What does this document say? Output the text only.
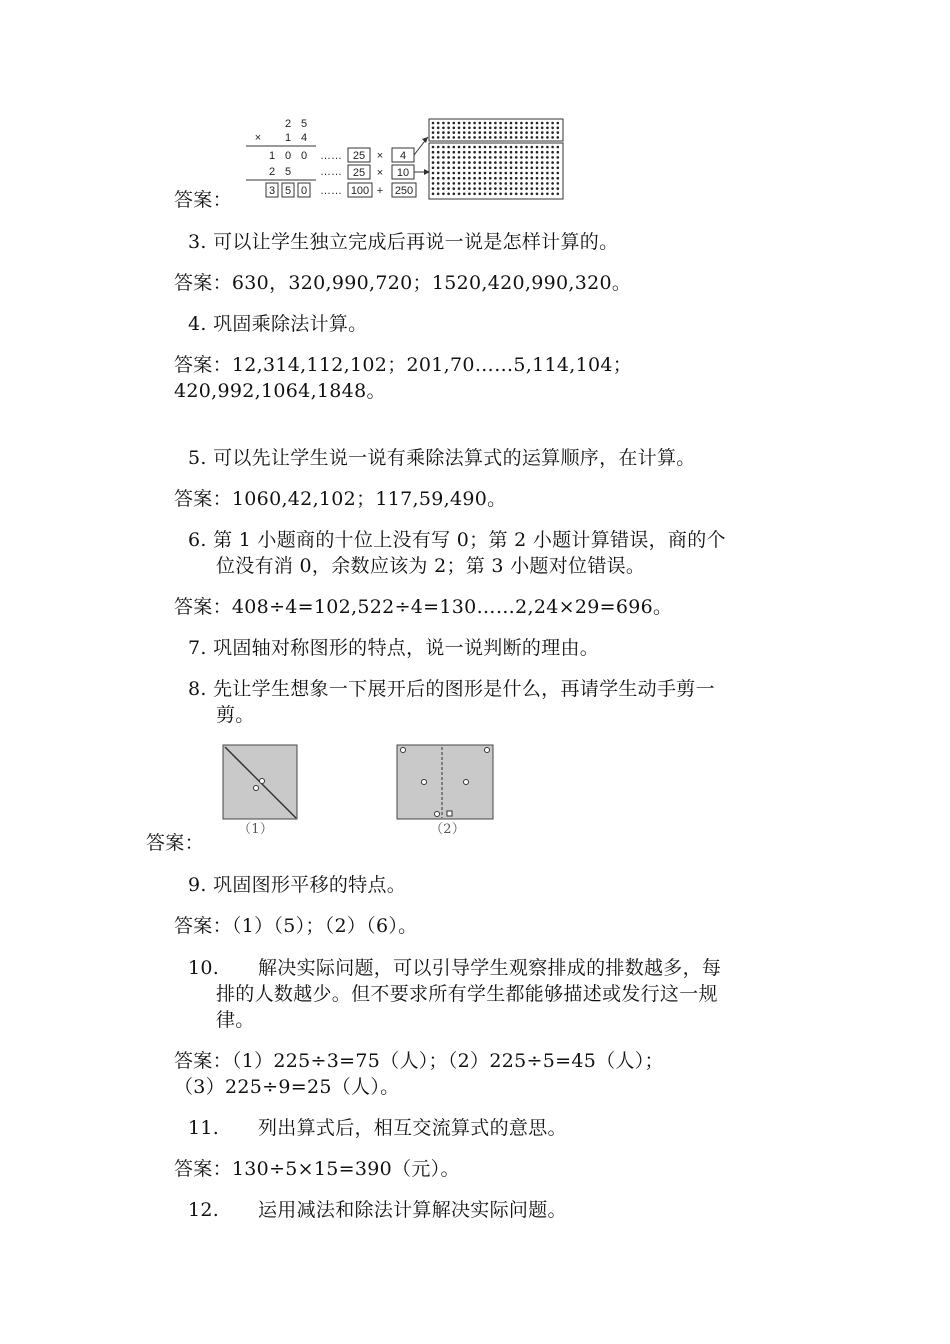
2 5
× 1 4
1 0 0
2 5
3 5 0
……
……
……
25 × 4
25 × 10
100 + 250
答案：
3. 可以让学生独立完成后再说一说是怎样计算的。
答案：630，320,990,720；1520,420,990,320。
4. 巩固乘除法计算。
答案：12,314,112,102；201,70……5,114,104；
420,992,1064,1848。
5. 可以先让学生说一说有乘除法算式的运算顺序，在计算。
答案：1060,42,102；117,59,490。
6. 第 1 小题商的十位上没有写 0；第 2 小题计算错误，商的个
位没有消 0，余数应该为 2；第 3 小题对位错误。
答案：408÷4=102,522÷4=130……2,24×29=696。
7. 巩固轴对称图形的特点，说一说判断的理由。
8. 先让学生想象一下展开后的图形是什么，再请学生动手剪一
剪。
（1）	（2）
答案：
9. 巩固图形平移的特点。
答案：（1）（5）；（2）（6）。
10. 解决实际问题，可以引导学生观察排成的排数越多，每
排的人数越少。但不要求所有学生都能够描述或发行这一规
律。
答案：（1）225÷3=75（人）；（2）225÷5=45（人）；
（3）225÷9=25（人）。
11. 列出算式后，相互交流算式的意思。
答案：130÷5×15=390（元）。
12. 运用减法和除法计算解决实际问题。
